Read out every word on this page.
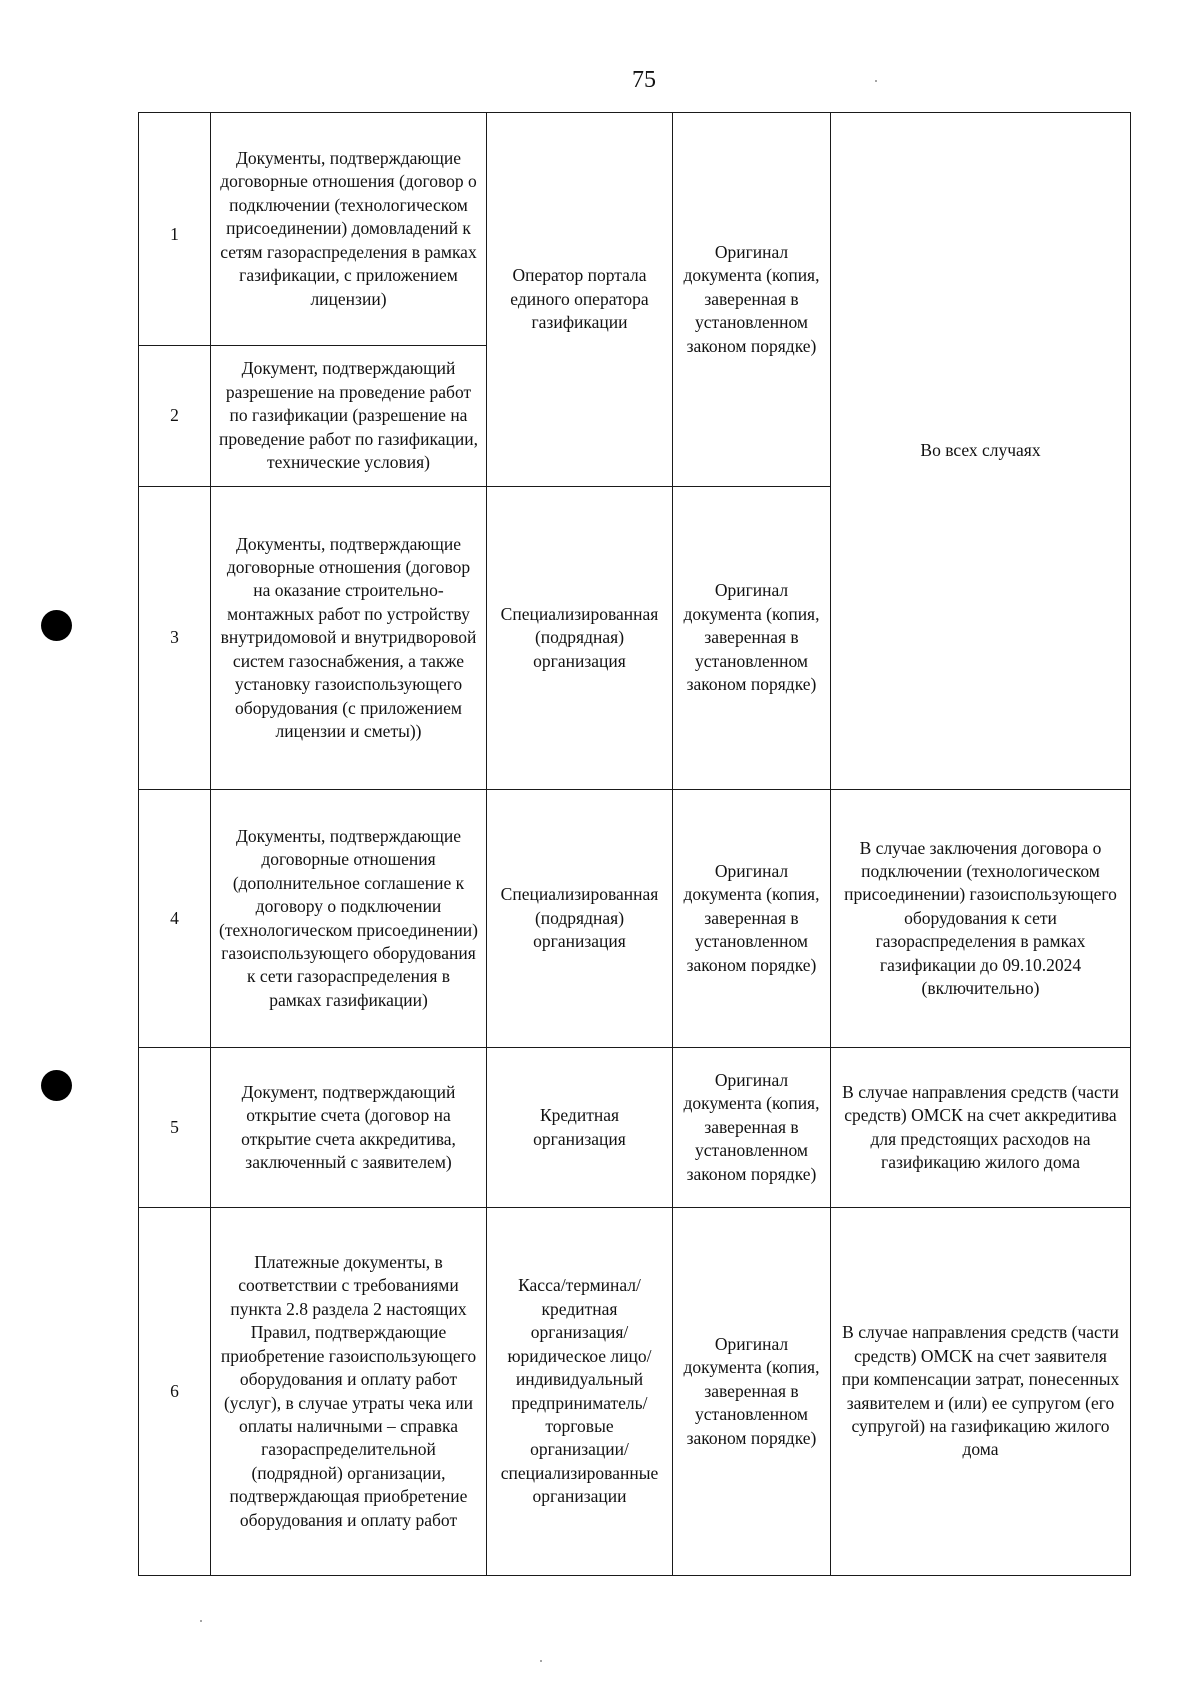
75
1	Документы, подтверждающие договорные отношения (договор о подключении (технологическом присоединении) домовладений к сетям газораспределения в рамках газификации, с приложением лицензии)	Оператор портала единого оператора газификации	Оригинал документа (копия, заверенная в установленном законом порядке)	Во всех случаях
2	Документ, подтверждающий разрешение на проведение работ по газификации (разрешение на проведение работ по газификации, технические условия)			
3	Документы, подтверждающие договорные отношения (договор на оказание строительно-монтажных работ по устройству внутридомовой и внутридворовой систем газоснабжения, а также установку газоиспользующего оборудования (с приложением лицензии и сметы))	Специализированная (подрядная) организация	Оригинал документа (копия, заверенная в установленном законом порядке)	
4	Документы, подтверждающие договорные отношения (дополнительное соглашение к договору о подключении (технологическом присоединении) газоиспользующего оборудования к сети газораспределения в рамках газификации)	Специализированная (подрядная) организация	Оригинал документа (копия, заверенная в установленном законом порядке)	В случае заключения договора о подключении (технологическом присоединении) газоиспользующего оборудования к сети газораспределения в рамках газификации до 09.10.2024 (включительно)
5	Документ, подтверждающий открытие счета (договор на открытие счета аккредитива, заключенный с заявителем)	Кредитная организация	Оригинал документа (копия, заверенная в установленном законом порядке)	В случае направления средств (части средств) ОМСК на счет аккредитива для предстоящих расходов на газификацию жилого дома
6	Платежные документы, в соответствии с требованиями пункта 2.8 раздела 2 настоящих Правил, подтверждающие приобретение газоиспользующего оборудования и оплату работ (услуг), в случае утраты чека или оплаты наличными – справка газораспределительной (подрядной) организации, подтверждающая приобретение оборудования и оплату работ	Касса/терминал/ кредитная организация/ юридическое лицо/ индивидуальный предприниматель/ торговые организации/ специализированные организации	Оригинал документа (копия, заверенная в установленном законом порядке)	В случае направления средств (части средств) ОМСК на счет заявителя при компенсации затрат, понесенных заявителем и (или) ее супругом (его супругой) на газификацию жилого дома
